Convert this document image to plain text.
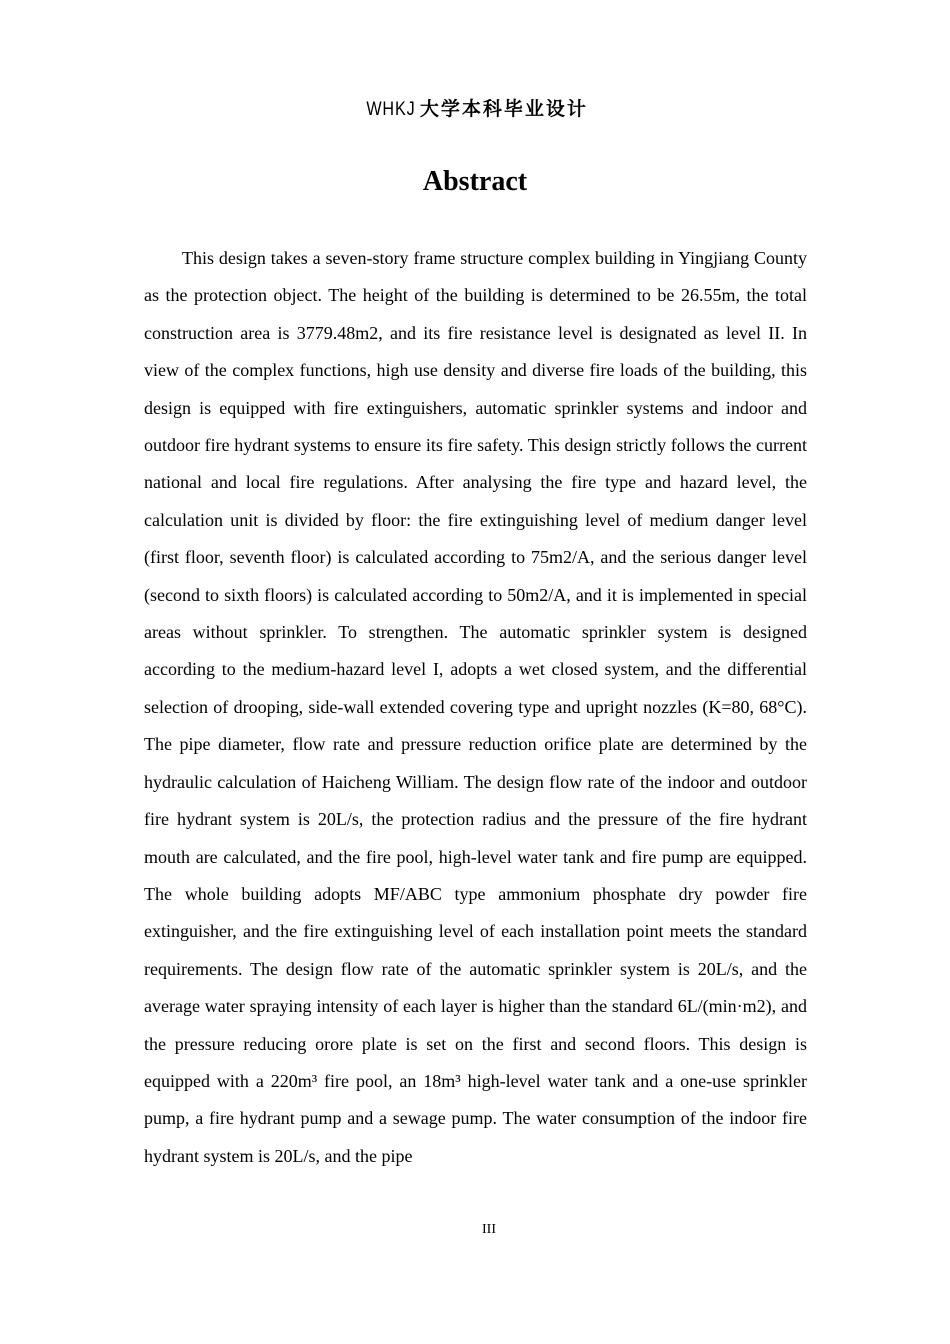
WHKJ 大学本科毕业设计
Abstract

This design takes a seven-story frame structure complex building in Yingjiang County as the protection object. The height of the building is determined to be 26.55m, the total construction area is 3779.48m2, and its fire resistance level is designated as level II. In view of the complex functions, high use density and diverse fire loads of the building, this design is equipped with fire extinguishers, automatic sprinkler systems and indoor and outdoor fire hydrant systems to ensure its fire safety. This design strictly follows the current national and local fire regulations. After analysing the fire type and hazard level, the calculation unit is divided by floor: the fire extinguishing level of medium danger level (first floor, seventh floor) is calculated according to 75m2/A, and the serious danger level (second to sixth floors) is calculated according to 50m2/A, and it is implemented in special areas without sprinkler. To strengthen. The automatic sprinkler system is designed according to the medium-hazard level I, adopts a wet closed system, and the differential selection of drooping, side-wall extended covering type and upright nozzles (K=80, 68°C). The pipe diameter, flow rate and pressure reduction orifice plate are determined by the hydraulic calculation of Haicheng William. The design flow rate of the indoor and outdoor fire hydrant system is 20L/s, the protection radius and the pressure of the fire hydrant mouth are calculated, and the fire pool, high-level water tank and fire pump are equipped. The whole building adopts MF/ABC type ammonium phosphate dry powder fire extinguisher, and the fire extinguishing level of each installation point meets the standard requirements. The design flow rate of the automatic sprinkler system is 20L/s, and the average water spraying intensity of each layer is higher than the standard 6L/(min·m2), and the pressure reducing orore plate is set on the first and second floors. This design is equipped with a 220m³ fire pool, an 18m³ high-level water tank and a one-use sprinkler pump, a fire hydrant pump and a sewage pump. The water consumption of the indoor fire hydrant system is 20L/s, and the pipe

III
